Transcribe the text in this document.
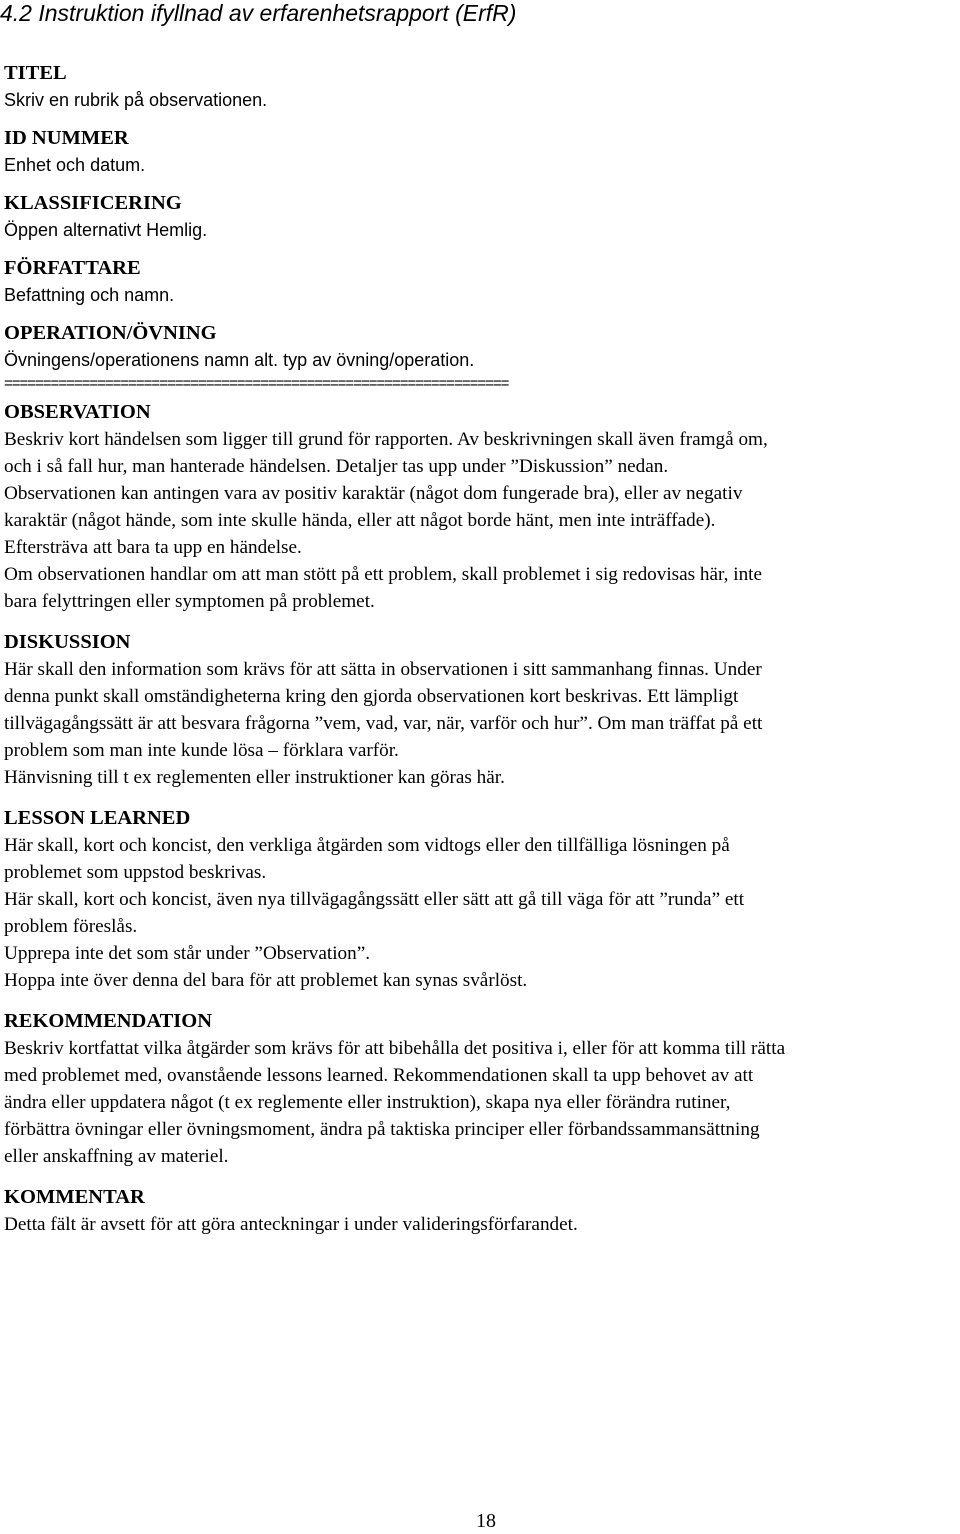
4.2 Instruktion ifyllnad av erfarenhetsrapport (ErfR)
TITEL
Skriv en rubrik på observationen.
ID NUMMER
Enhet och datum.
KLASSIFICERING
Öppen alternativt Hemlig.
FÖRFATTARE
Befattning och namn.
OPERATION/ÖVNING
Övningens/operationens namn alt. typ av övning/operation.
=================================================================
OBSERVATION
Beskriv kort händelsen som ligger till grund för rapporten. Av beskrivningen skall även framgå om,
och i så fall hur, man hanterade händelsen. Detaljer tas upp under ”Diskussion” nedan.
Observationen kan antingen vara av positiv karaktär (något dom fungerade bra), eller av negativ
karaktär (något hände, som inte skulle hända, eller att något borde hänt, men inte inträffade).
Eftersträva att bara ta upp en händelse.
Om observationen handlar om att man stött på ett problem, skall problemet i sig redovisas här, inte
bara felyttringen eller symptomen på problemet.
DISKUSSION
Här skall den information som krävs för att sätta in observationen i sitt sammanhang finnas. Under
denna punkt skall omständigheterna kring den gjorda observationen kort beskrivas. Ett lämpligt
tillvägagångssätt är att besvara frågorna ”vem, vad, var, när, varför och hur”. Om man träffat på ett
problem som man inte kunde lösa – förklara varför.
Hänvisning till t ex reglementen eller instruktioner kan göras här.
LESSON LEARNED
Här skall, kort och koncist, den verkliga åtgärden som vidtogs eller den tillfälliga lösningen på
problemet som uppstod beskrivas.
Här skall, kort och koncist, även nya tillvägagångssätt eller sätt att gå till väga för att ”runda” ett
problem föreslås.
Upprepa inte det som står under ”Observation”.
Hoppa inte över denna del bara för att problemet kan synas svårlöst.
REKOMMENDATION
Beskriv kortfattat vilka åtgärder som krävs för att bibehålla det positiva i, eller för att komma till rätta
med problemet med, ovanstående lessons learned. Rekommendationen skall ta upp behovet av att
ändra eller uppdatera något (t ex reglemente eller instruktion), skapa nya eller förändra rutiner,
förbättra övningar eller övningsmoment, ändra på taktiska principer eller förbandssammansättning
eller anskaffning av materiel.
KOMMENTAR
Detta fält är avsett för att göra anteckningar i under valideringsförfarandet.
18
